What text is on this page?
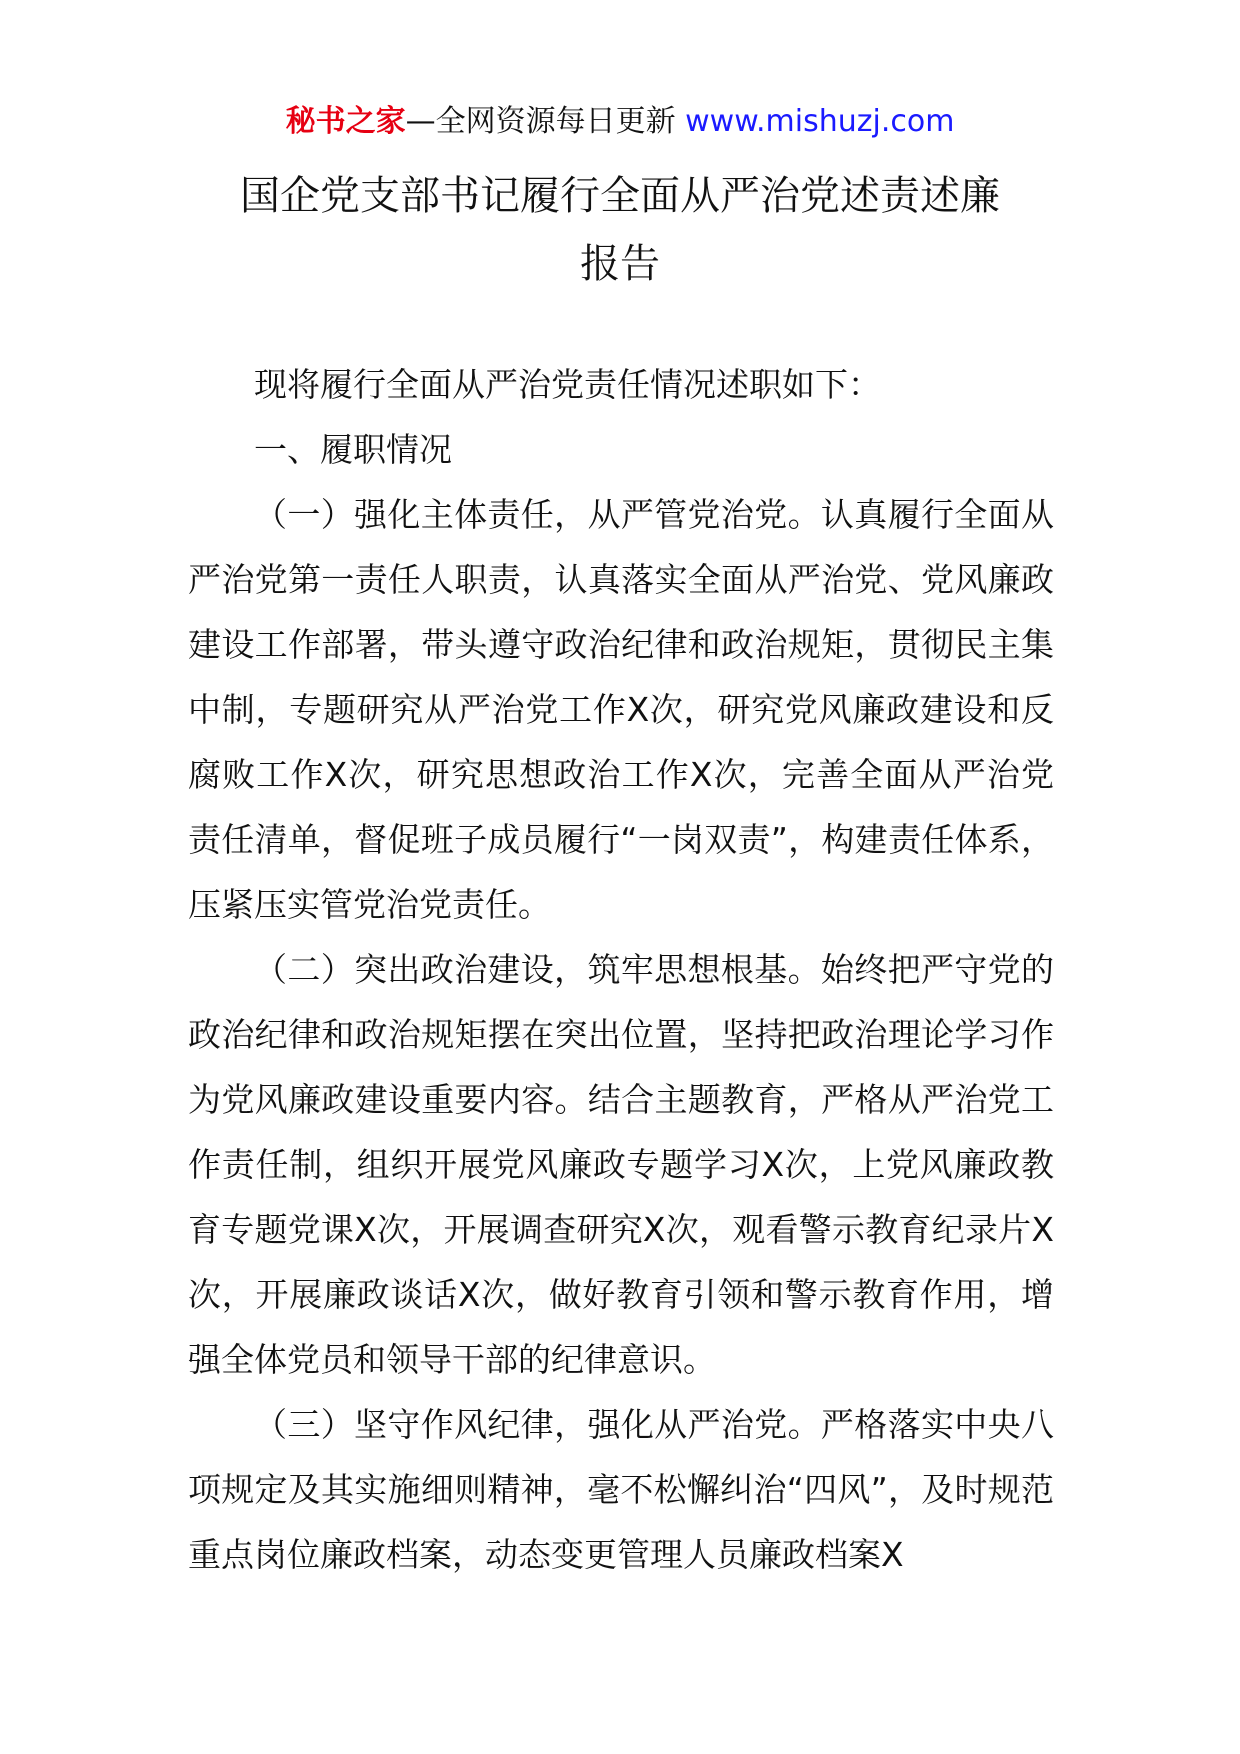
秘书之家—全网资源每日更新 www.mishuzj.com
国企党支部书记履行全面从严治党述责述廉
报告

现将履行全面从严治党责任情况述职如下：

一、履职情况

（一）强化主体责任，从严管党治党。认真履行全面从严治党第一责任人职责，认真落实全面从严治党、党风廉政建设工作部署，带头遵守政治纪律和政治规矩，贯彻民主集中制，专题研究从严治党工作X次，研究党风廉政建设和反腐败工作X次，研究思想政治工作X次，完善全面从严治党责任清单，督促班子成员履行“一岗双责”，构建责任体系，压紧压实管党治党责任。

（二）突出政治建设，筑牢思想根基。始终把严守党的政治纪律和政治规矩摆在突出位置，坚持把政治理论学习作为党风廉政建设重要内容。结合主题教育，严格从严治党工作责任制，组织开展党风廉政专题学习X次，上党风廉政教育专题党课X次，开展调查研究X次，观看警示教育纪录片X次，开展廉政谈话X次，做好教育引领和警示教育作用，增强全体党员和领导干部的纪律意识。

（三）坚守作风纪律，强化从严治党。严格落实中央八项规定及其实施细则精神，毫不松懈纠治“四风”，及时规范重点岗位廉政档案，动态变更管理人员廉政档案X
